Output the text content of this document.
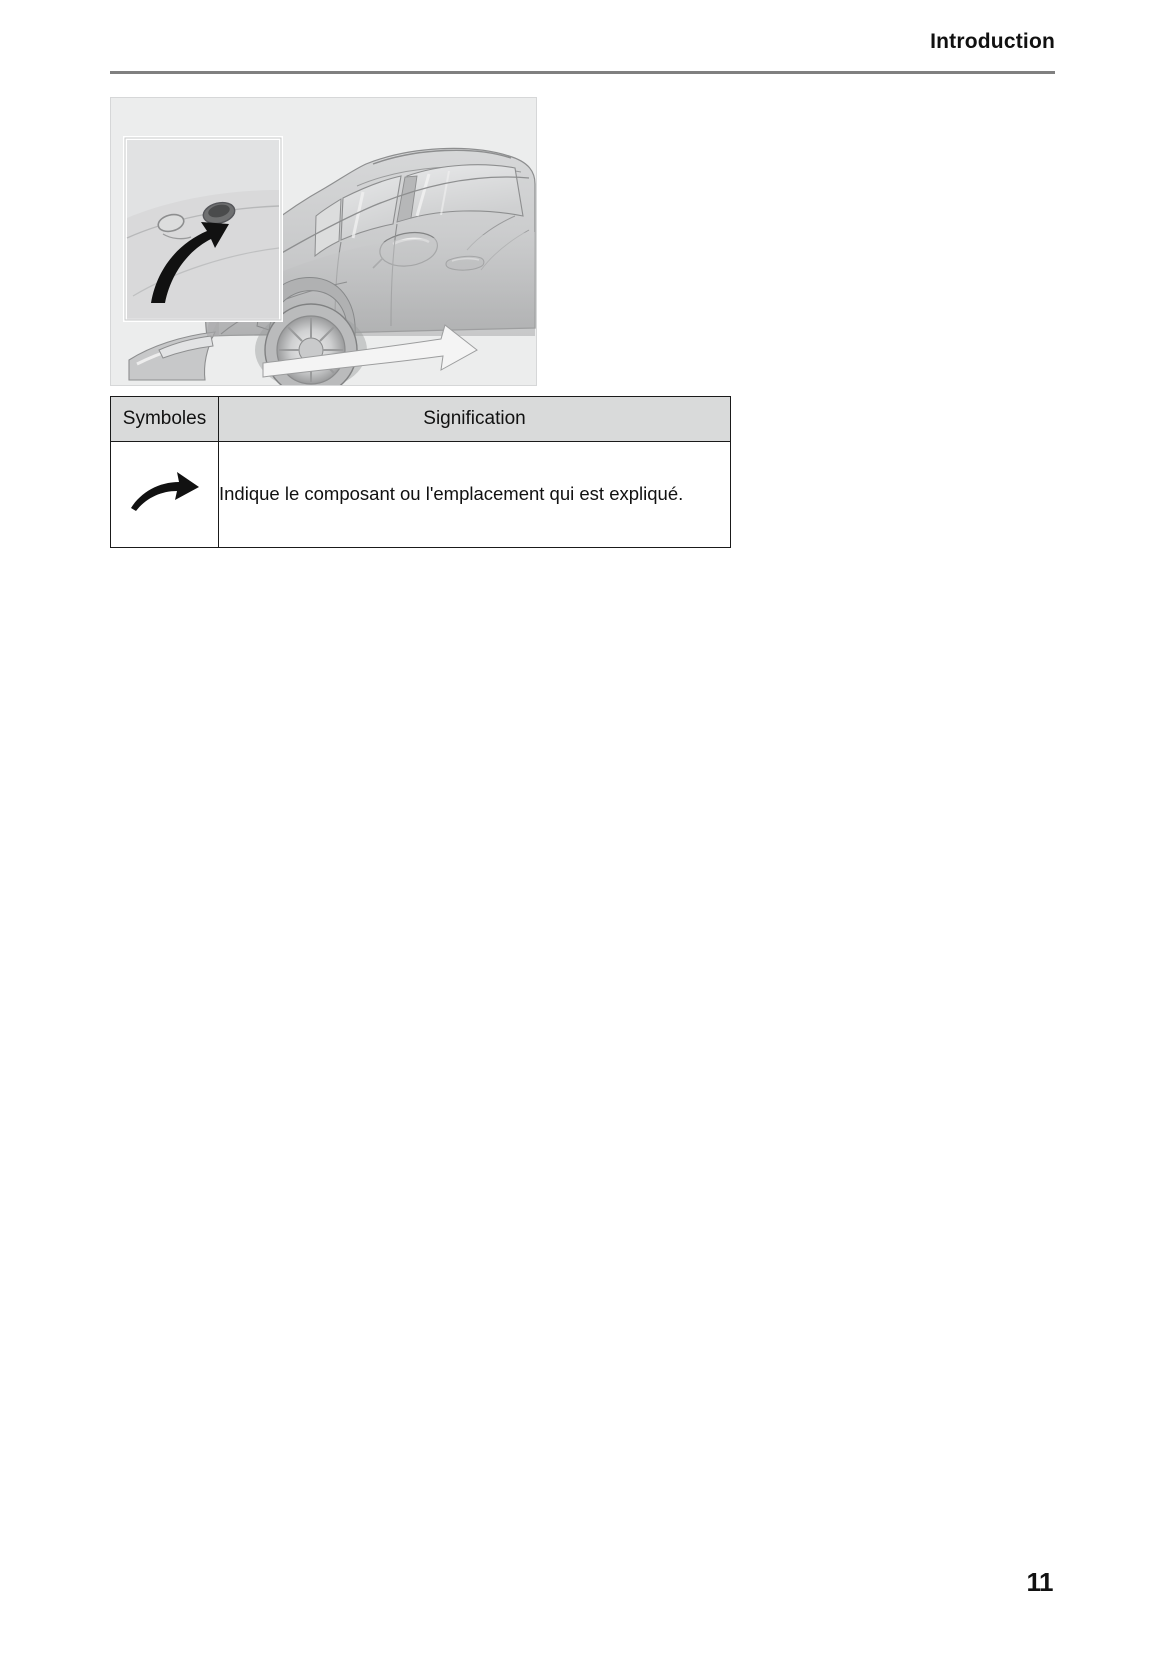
Introduction
Symboles	Signification
	Indique le composant ou l'emplacement qui est expliqué.
11
